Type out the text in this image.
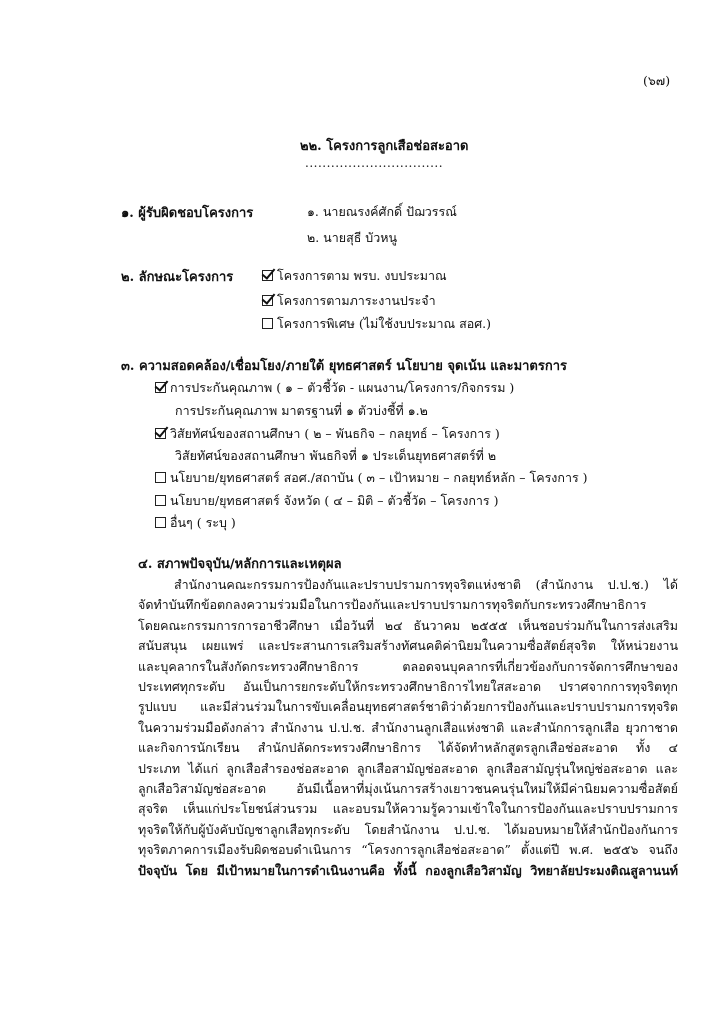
(๖๗)
๒๒. โครงการลูกเสือช่อสะอาด
................................
๑. ผู้รับผิดชอบโครงการ	๑. นายณรงค์ศักดิ์ ปัฌวรรณ์
๒. นายสุธี บัวหนู
๒. ลักษณะโครงการ	โครงการตาม พรบ. งบประมาณ
โครงการตามภาระงานประจำ
โครงการพิเศษ (ไม่ใช้งบประมาณ สอศ.)
๓. ความสอดคล้อง/เชื่อมโยง/ภายใต้ ยุทธศาสตร์ นโยบาย จุดเน้น และมาตรการ
การประกันคุณภาพ ( ๑ – ตัวชี้วัด - แผนงาน/โครงการ/กิจกรรม )
การประกันคุณภาพ มาตรฐานที่ ๑ ตัวบ่งชี้ที่ ๑.๒
วิสัยทัศน์ของสถานศึกษา ( ๒ – พันธกิจ – กลยุทธ์ – โครงการ )
วิสัยทัศน์ของสถานศึกษา พันธกิจที่ ๑ ประเด็นยุทธศาสตร์ที่ ๒
นโยบาย/ยุทธศาสตร์ สอศ./สถาบัน ( ๓ – เป้าหมาย – กลยุทธ์หลัก – โครงการ )
นโยบาย/ยุทธศาสตร์ จังหวัด ( ๔ – มิติ – ตัวชี้วัด – โครงการ )
อื่นๆ ( ระบุ )
๔. สภาพปัจจุบัน/หลักการและเหตุผล
สำนักงานคณะกรรมการป้องกันและปราบปรามการทุจริตแห่งชาติ (สำนักงาน ป.ป.ช.) ได้
จัดทำบันทึกข้อตกลงความร่วมมือในการป้องกันและปราบปรามการทุจริตกับกระทรวงศึกษาธิการ
โดยคณะกรรมการการอาชีวศึกษา เมื่อวันที่ ๒๔ ธันวาคม ๒๕๕๕ เห็นชอบร่วมกันในการส่งเสริม
สนับสนุน เผยแพร่ และประสานการเสริมสร้างทัศนคติค่านิยมในความซื่อสัตย์สุจริต ให้หน่วยงาน
และบุคลากรในสังกัดกระทรวงศึกษาธิการ ตลอดจนบุคลากรที่เกี่ยวข้องกับการจัดการศึกษาของ
ประเทศทุกระดับ อันเป็นการยกระดับให้กระทรวงศึกษาธิการไทยใสสะอาด ปราศจากการทุจริตทุก
รูปแบบ และมีส่วนร่วมในการขับเคลื่อนยุทธศาสตร์ชาติว่าด้วยการป้องกันและปราบปรามการทุจริต
ในความร่วมมือดังกล่าว สำนักงาน ป.ป.ช. สำนักงานลูกเสือแห่งชาติ และสำนักการลูกเสือ ยุวกาชาด
และกิจการนักเรียน สำนักปลัดกระทรวงศึกษาธิการ ได้จัดทำหลักสูตรลูกเสือช่อสะอาด ทั้ง ๔
ประเภท ได้แก่ ลูกเสือสำรองช่อสะอาด ลูกเสือสามัญช่อสะอาด ลูกเสือสามัญรุ่นใหญ่ช่อสะอาด และ
ลูกเสือวิสามัญช่อสะอาด อันมีเนื้อหาที่มุ่งเน้นการสร้างเยาวชนคนรุ่นใหม่ให้มีค่านิยมความซื่อสัตย์
สุจริต เห็นแก่ประโยชน์ส่วนรวม และอบรมให้ความรู้ความเข้าใจในการป้องกันและปราบปรามการ
ทุจริตให้กับผู้บังคับบัญชาลูกเสือทุกระดับ โดยสำนักงาน ป.ป.ช. ได้มอบหมายให้สำนักป้องกันการ
ทุจริตภาคการเมืองรับผิดชอบดำเนินการ “โครงการลูกเสือช่อสะอาด” ตั้งแต่ปี พ.ศ. ๒๕๕๖ จนถึง
ปัจจุบัน โดย มีเป้าหมายในการดำเนินงานคือ ทั้งนี้ กองลูกเสือวิสามัญ วิทยาลัยประมงติณสูลานนท์
